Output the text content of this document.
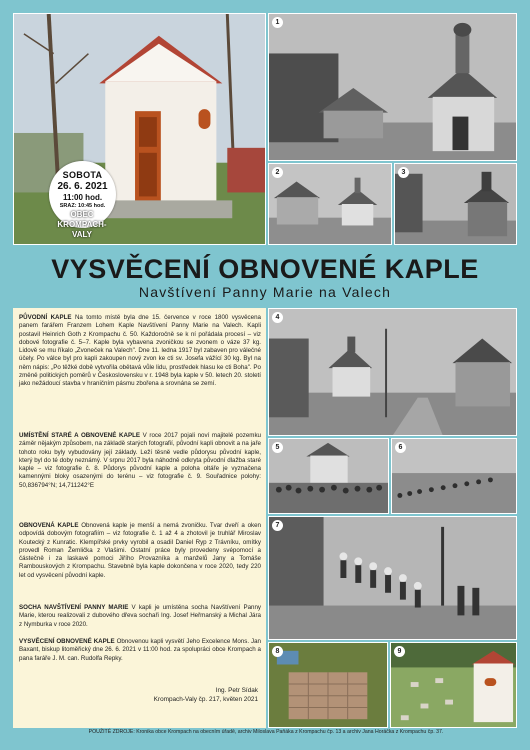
SOBOTA
26. 6. 2021
11:00 hod.
SRAZ: 10:45 hod.
OBEC KROMPACH-VALY
1
2	3
VYSVĚCENÍ OBNOVENÉ KAPLE
Navštívení Panny Marie na Valech

PŮVODNÍ KAPLE Na tomto místě byla dne 15. července v roce 1800 vysvěcena panem farářem Franzem Lohem Kaple Navštívení Panny Marie na Valech. Kapli postavil Heinrich Goth z Krompachu č. 50. Každoročně se k ní pořádala procesí – viz dobové fotografie č. 5–7. Kaple byla vybavena zvoničkou se zvonem o váze 37 kg. Lidově se mu říkalo „Zvoneček na Valech". Dne 11. ledna 1917 byl zabaven pro válečné účely. Po válce byl pro kapli zakoupen nový zvon ke cti sv. Josefa vážící 30 kg. Byl na něm nápis: „Po těžké době vytvořila obětavá vůle lidu, prostředek hlasu ke cti Boha". Po změně politických poměrů v Československu v r. 1948 byla kaple v 50. letech 20. století jako nežádoucí stavba v hraničním pásmu zbořena a srovnána se zemí.

UMÍSTĚNÍ STARÉ A OBNOVENÉ KAPLE V roce 2017 pojali noví majitelé pozemku záměr nějakým způsobem, na základě starých fotografií, původní kapli obnovit a na jaře tohoto roku byly vybudovány její základy. Leží těsně vedle půdorysu původní kaple, který byl do té doby neznámý. V srpnu 2017 byla náhodně odkryta původní dlažba staré kaple – viz fotografie č. 8. Půdorys původní kaple a poloha oltáře je vyznačena kamennými bloky osazenými do terénu – viz fotografie č. 9. Souřadnice polohy: 50,836794°N; 14,711242°E

OBNOVENÁ KAPLE Obnovená kaple je menší a nemá zvoničku. Tvar dveří a oken odpovídá dobovým fotografiím – viz fotografie č. 1 až 4 a zhotovil je truhlář Miroslav Koutecký z Kunratic. Klempířské prvky vyrobil a osadil Daniel Ryp z Trávníku, omítky provedl Roman Žemlička z Vlašimi. Ostatní práce byly provedeny svépomocí a částečně i za laskavé pomoci Jiřího Provazníka a manželů Jany a Tomáše Rambouskových z Krompachu. Stavebně byla kaple dokončena v roce 2020, tedy 220 let od vysvěcení původní kaple.

SOCHA NAVŠTÍVENÍ PANNY MARIE V kapli je umístěna socha Navštívení Panny Marie, kterou realizovali z dubového dřeva sochaři Ing. Josef Heřmanský a Michal Jára z Nymburka v roce 2020.

VYSVĚCENÍ OBNOVENÉ KAPLE Obnovenou kapli vysvětí Jeho Excelence Mons. Jan Baxant, biskup litoměřický dne 26. 6. 2021 v 11:00 hod. za spolupráci obce Krompach a pana faráře J. M. can. Rudolfa Repky.

Ing. Petr Sídak
Krompach-Valy čp. 217, květen 2021
4
5	6
7
8	9
POUŽITÉ ZDROJE: Kronika obce Krompach na obecním úřadě, archiv Miloslava Paňáka z Krompachu čp. 13 a archiv Jana Horáčka z Krompachu čp. 37.
